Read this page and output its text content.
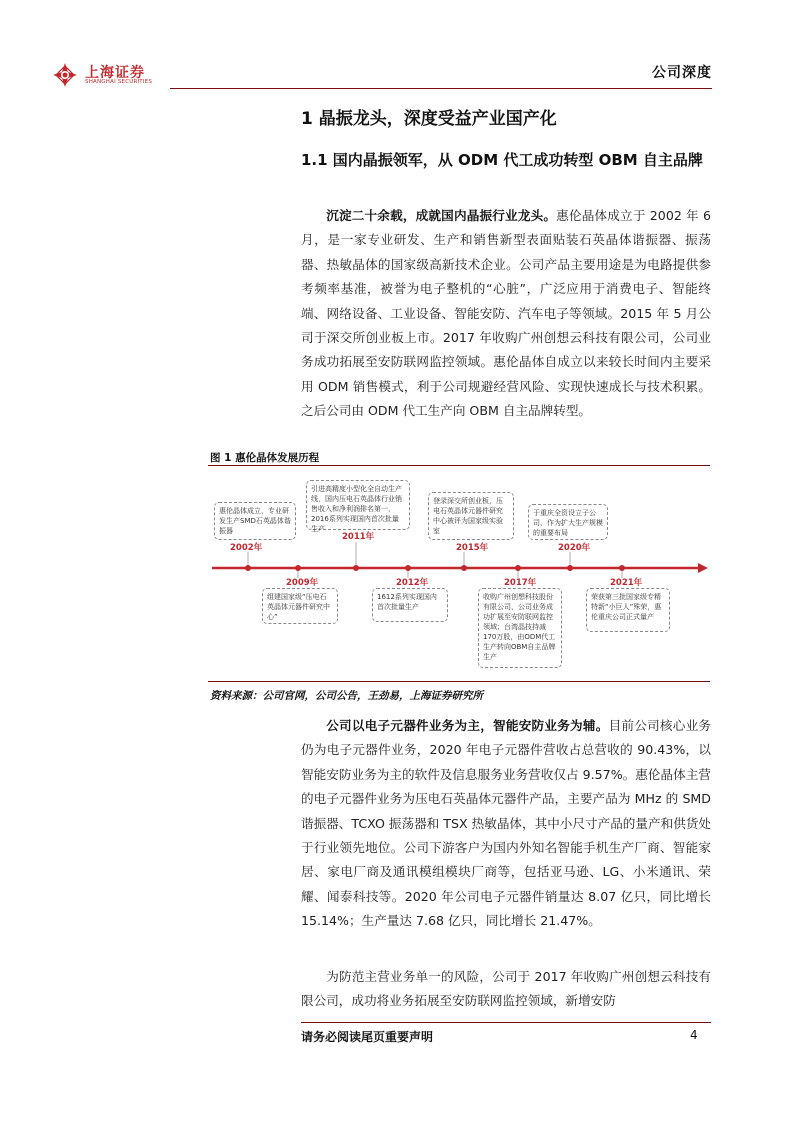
上海证券
SHANGHAI SECURITIES
公司深度
1 晶振龙头，深度受益产业国产化
1.1 国内晶振领军，从 ODM 代工成功转型 OBM 自主品牌
沉淀二十余载，成就国内晶振行业龙头。惠伦晶体成立于 2002 年 6 月，是一家专业研发、生产和销售新型表面贴装石英晶体谐振器、振荡器、热敏晶体的国家级高新技术企业。公司产品主要用途是为电路提供参考频率基准，被誉为电子整机的“心脏”，广泛应用于消费电子、智能终端、网络设备、工业设备、智能安防、汽车电子等领域。2015 年 5 月公司于深交所创业板上市。2017 年收购广州创想云科技有限公司，公司业务成功拓展至安防联网监控领域。惠伦晶体自成立以来较长时间内主要采用 ODM 销售模式，利于公司规避经营风险、实现快速成长与技术积累。之后公司由 ODM 代工生产向 OBM 自主品牌转型。
图 1 惠伦晶体发展历程
惠伦晶体成立，专业研发生产SMD石英晶体谐振器
2002年
引进高精度小型化全自动生产线，国内压电石英晶体行业销售收入和净利润排名第一，2016系列实现国内首次批量生产
2011年
登录深交所创业板，压电石英晶体元器件研究中心被评为国家级实验室
2015年
于重庆全资设立子公司，作为扩大生产规模的重要布局
2020年
2009年
组建国家级“压电石英晶体元器件研究中心”
2012年
1612系列实现国内首次批量生产
2017年
收购广州创想科技股份有限公司，公司业务成功扩展至安防联网监控领域；台湾晶技持减170万股，由ODM代工生产转向OBM自主品牌生产
2021年
荣获第三批国家级专精特新“小巨人”殊荣，惠伦重庆公司正式量产
资料来源：公司官网，公司公告，王劲易，上海证券研究所
公司以电子元器件业务为主，智能安防业务为辅。目前公司核心业务仍为电子元器件业务，2020 年电子元器件营收占总营收的 90.43%，以智能安防业务为主的软件及信息服务业务营收仅占 9.57%。惠伦晶体主营的电子元器件业务为压电石英晶体元器件产品，主要产品为 MHz 的 SMD 谐振器、TCXO 振荡器和 TSX 热敏晶体，其中小尺寸产品的量产和供货处于行业领先地位。公司下游客户为国内外知名智能手机生产厂商、智能家居、家电厂商及通讯模组模块厂商等，包括亚马逊、LG、小米通讯、荣耀、闻泰科技等。2020 年公司电子元器件销量达 8.07 亿只，同比增长 15.14%；生产量达 7.68 亿只，同比增长 21.47%。
为防范主营业务单一的风险，公司于 2017 年收购广州创想云科技有限公司，成功将业务拓展至安防联网监控领域，新增安防
请务必阅读尾页重要声明	4
